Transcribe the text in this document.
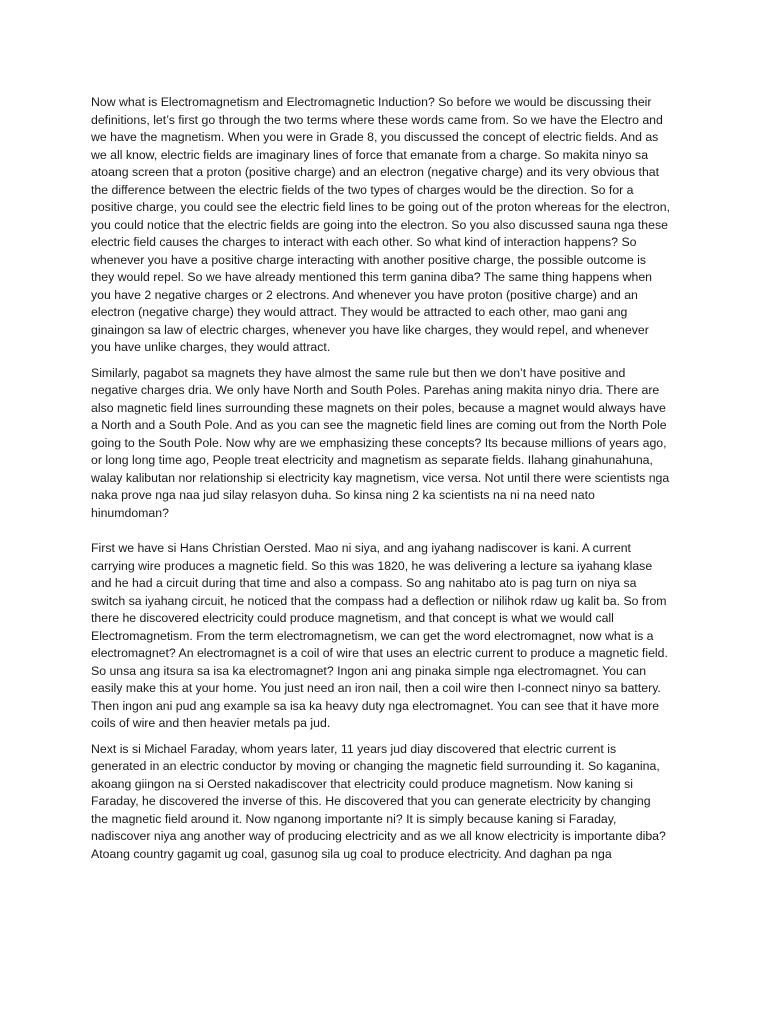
Now what is Electromagnetism and Electromagnetic Induction? So before we would be discussing their definitions, let’s first go through the two terms where these words came from. So we have the Electro and we have the magnetism. When you were in Grade 8, you discussed the concept of electric fields. And as we all know, electric fields are imaginary lines of force that emanate from a charge. So makita ninyo sa atoang screen that a proton (positive charge) and an electron (negative charge) and its very obvious that the difference between the electric fields of the two types of charges would be the direction. So for a positive charge, you could see the electric field lines to be going out of the proton whereas for the electron, you could notice that the electric fields are going into the electron. So you also discussed sauna nga these electric field causes the charges to interact with each other. So what kind of interaction happens? So whenever you have a positive charge interacting with another positive charge, the possible outcome is they would repel. So we have already mentioned this term ganina diba? The same thing happens when you have 2 negative charges or 2 electrons. And whenever you have proton (positive charge) and an electron (negative charge) they would attract. They would be attracted to each other, mao gani ang ginaingon sa law of electric charges, whenever you have like charges, they would repel, and whenever you have unlike charges, they would attract.

Similarly, pagabot sa magnets they have almost the same rule but then we don’t have positive and negative charges dria. We only have North and South Poles. Parehas aning makita ninyo dria. There are also magnetic field lines surrounding these magnets on their poles, because a magnet would always have a North and a South Pole. And as you can see the magnetic field lines are coming out from the North Pole going to the South Pole. Now why are we emphasizing these concepts? Its because millions of years ago, or long long time ago, People treat electricity and magnetism as separate fields. Ilahang ginahunahuna, walay kalibutan nor relationship si electricity kay magnetism, vice versa. Not until there were scientists nga naka prove nga naa jud silay relasyon duha. So kinsa ning 2 ka scientists na ni na need nato hinumdoman?

First we have si Hans Christian Oersted. Mao ni siya, and ang iyahang nadiscover is kani. A current carrying wire produces a magnetic field. So this was 1820, he was delivering a lecture sa iyahang klase and he had a circuit during that time and also a compass. So ang nahitabo ato is pag turn on niya sa switch sa iyahang circuit, he noticed that the compass had a deflection or nilihok rdaw ug kalit ba. So from there he discovered electricity could produce magnetism, and that concept is what we would call Electromagnetism. From the term electromagnetism, we can get the word electromagnet, now what is a electromagnet? An electromagnet is a coil of wire that uses an electric current to produce a magnetic field. So unsa ang itsura sa isa ka electromagnet? Ingon ani ang pinaka simple nga electromagnet. You can easily make this at your home. You just need an iron nail, then a coil wire then I-connect ninyo sa battery. Then ingon ani pud ang example sa isa ka heavy duty nga electromagnet. You can see that it have more coils of wire and then heavier metals pa jud.

Next is si Michael Faraday, whom years later, 11 years jud diay discovered that electric current is generated in an electric conductor by moving or changing the magnetic field surrounding it. So kaganina, akoang giingon na si Oersted nakadiscover that electricity could produce magnetism. Now kaning si Faraday, he discovered the inverse of this. He discovered that you can generate electricity by changing the magnetic field around it. Now nganong importante ni? It is simply because kaning si Faraday, nadiscover niya ang another way of producing electricity and as we all know electricity is importante diba? Atoang country gagamit ug coal, gasunog sila ug coal to produce electricity. And daghan pa nga
